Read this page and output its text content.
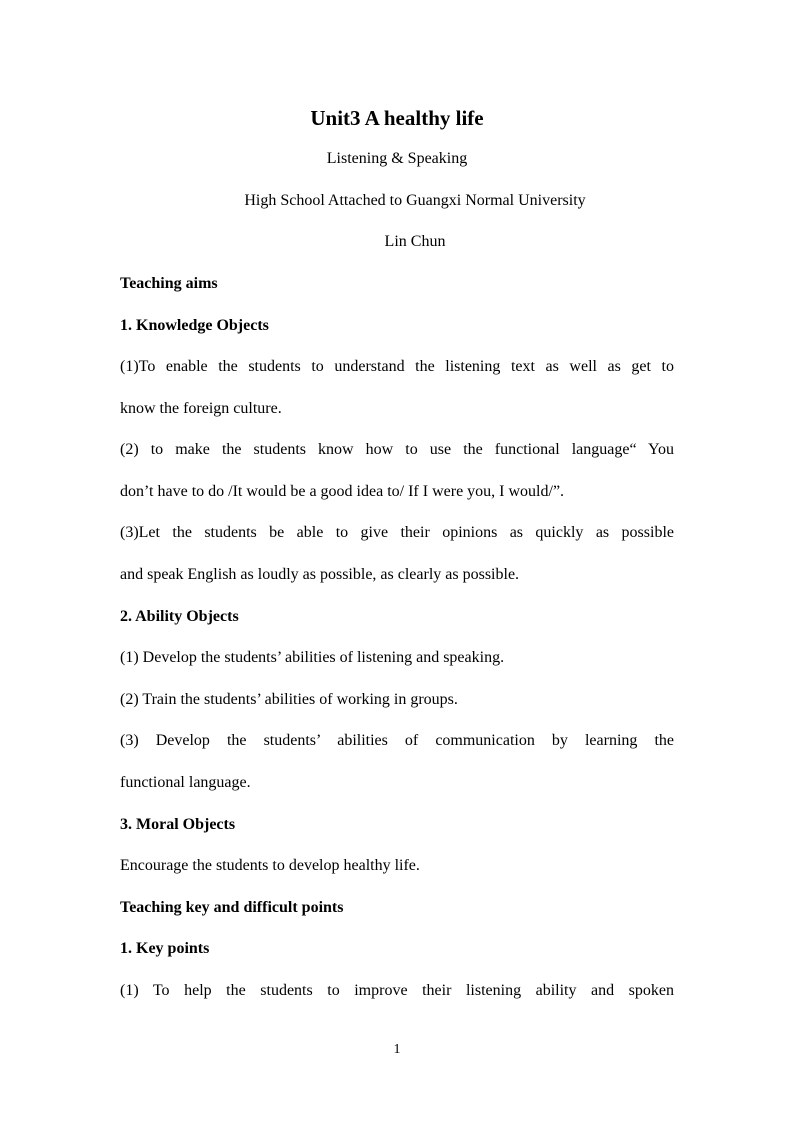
Unit3 A healthy life
Listening & Speaking
High School Attached to Guangxi Normal University
Lin Chun
Teaching aims
1. Knowledge Objects
(1)To enable the students to understand the listening text as well as get to
know the foreign culture.
(2) to make the students know how to use the functional language“ You
don’t have to do /It would be a good idea to/ If I were you, I would/”.
(3)Let the students be able to give their opinions as quickly as possible
and speak English as loudly as possible, as clearly as possible.
2. Ability Objects
(1) Develop the students’ abilities of listening and speaking.
(2) Train the students’ abilities of working in groups.
(3) Develop the students’ abilities of communication by learning the
functional language.
3. Moral Objects
Encourage the students to develop healthy life.
Teaching key and difficult points
1. Key points
(1) To help the students to improve their listening ability and spoken
1
